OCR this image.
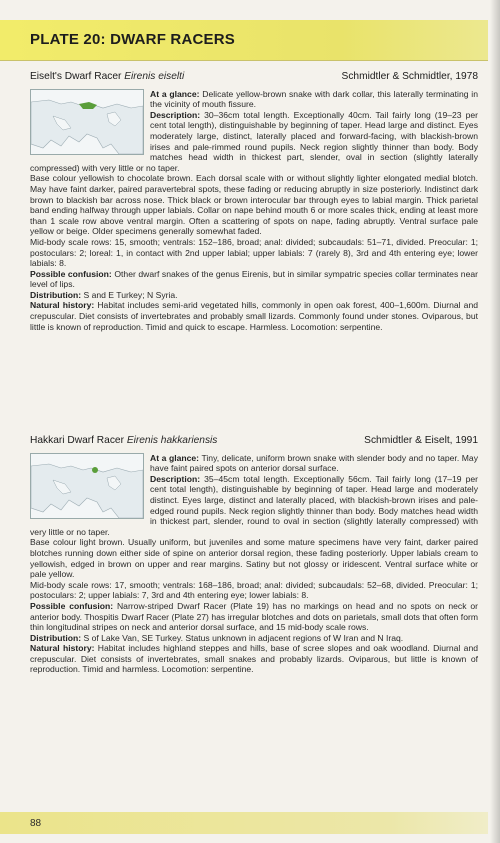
PLATE 20: DWARF RACERS
Eiselt's Dwarf Racer Eirenis eiselti	Schmidtler & Schmidtler, 1978

At a glance: Delicate yellow-brown snake with dark collar, this laterally terminating in the vicinity of mouth fissure.

Description: 30–36cm total length. Exceptionally 40cm. Tail fairly long (19–23 per cent total length), distinguishable by beginning of taper. Head large and distinct. Eyes moderately large, distinct, laterally placed and forward-facing, with blackish-brown irises and pale-rimmed round pupils. Neck region slightly thinner than body. Body matches head width in thickest part, slender, oval in section (slightly laterally compressed) with very little or no taper.

Base colour yellowish to chocolate brown. Each dorsal scale with or without slightly lighter elongated medial blotch. May have faint darker, paired paravertebral spots, these fading or reducing abruptly in size posteriorly. Indistinct dark brown to blackish bar across nose. Thick black or brown interocular bar through eyes to labial margin. Thick parietal band ending halfway through upper labials. Collar on nape behind mouth 6 or more scales thick, ending at least more than 1 scale row above ventral margin. Often a scattering of spots on nape, fading abruptly. Ventral surface pale yellow or beige. Older specimens generally somewhat faded.

Mid-body scale rows: 15, smooth; ventrals: 152–186, broad; anal: divided; subcaudals: 51–71, divided. Preocular: 1; postoculars: 2; loreal: 1, in contact with 2nd upper labial; upper labials: 7 (rarely 8), 3rd and 4th entering eye; lower labials: 8.

Possible confusion: Other dwarf snakes of the genus Eirenis, but in similar sympatric species collar terminates near level of lips.

Distribution: S and E Turkey; N Syria.

Natural history: Habitat includes semi-arid vegetated hills, commonly in open oak forest, 400–1,600m. Diurnal and crepuscular. Diet consists of invertebrates and probably small lizards. Commonly found under stones. Oviparous, but little is known of reproduction. Timid and quick to escape. Harmless. Locomotion: serpentine.

Hakkari Dwarf Racer Eirenis hakkariensis	Schmidtler & Eiselt, 1991

At a glance: Tiny, delicate, uniform brown snake with slender body and no taper. May have faint paired spots on anterior dorsal surface.

Description: 35–45cm total length. Exceptionally 56cm. Tail fairly long (17–19 per cent total length), distinguishable by beginning of taper. Head large and moderately distinct. Eyes large, distinct and laterally placed, with blackish-brown irises and pale-edged round pupils. Neck region slightly thinner than body. Body matches head width in thickest part, slender, round to oval in section (slightly laterally compressed) with very little or no taper.

Base colour light brown. Usually uniform, but juveniles and some mature specimens have very faint, darker paired blotches running down either side of spine on anterior dorsal region, these fading posteriorly. Upper labials cream to yellowish, edged in brown on upper and rear margins. Satiny but not glossy or iridescent. Ventral surface white or pale yellow.

Mid-body scale rows: 17, smooth; ventrals: 168–186, broad; anal: divided; subcaudals: 52–68, divided. Preocular: 1; postoculars: 2; upper labials: 7, 3rd and 4th entering eye; lower labials: 8.

Possible confusion: Narrow-striped Dwarf Racer (Plate 19) has no markings on head and no spots on neck or anterior body. Thospitis Dwarf Racer (Plate 27) has irregular blotches and dots on parietals, small dots that often form thin longitudinal stripes on neck and anterior dorsal surface, and 15 mid-body scale rows.

Distribution: S of Lake Van, SE Turkey. Status unknown in adjacent regions of W Iran and N Iraq.

Natural history: Habitat includes highland steppes and hills, base of scree slopes and oak woodland. Diurnal and crepuscular. Diet consists of invertebrates, small snakes and probably lizards. Oviparous, but little is known of reproduction. Timid and harmless. Locomotion: serpentine.

88
